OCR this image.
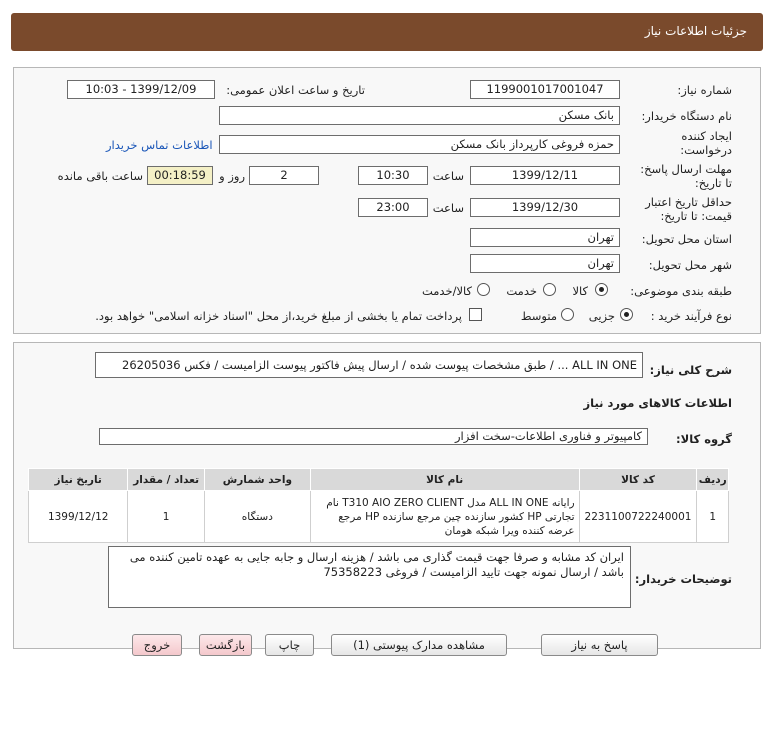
جزئیات اطلاعات نیاز
شماره نیاز:
1199001017001047
تاریخ و ساعت اعلان عمومی:
1399/12/09 - 10:03
نام دستگاه خریدار:
بانک مسکن
ایجاد کننده
درخواست:
حمزه فروغی کارپرداز بانک مسکن
اطلاعات تماس خریدار
مهلت ارسال پاسخ:
تا تاریخ:
1399/12/11
ساعت
10:30
2
روز و
00:18:59
ساعت باقی مانده
حداقل تاریخ اعتبار
قیمت: تا تاریخ:
1399/12/30
ساعت
23:00
استان محل تحویل:
تهران
شهر محل تحویل:
تهران
طبقه بندی موضوعی:
کالا
خدمت
کالا/خدمت
نوع فرآیند خرید :
جزیی
متوسط
پرداخت تمام یا بخشی از مبلغ خرید،از محل "اسناد خزانه اسلامی" خواهد بود.
شرح کلی نیاز:
ALL IN ONE ... / طبق مشخصات پیوست شده / ارسال پیش فاکتور پیوست الزامیست / فکس 26205036
اطلاعات کالاهای مورد نیاز
گروه کالا:
کامپیوتر و فناوری اطلاعات-سخت افزار
تاریخ نیاز	تعداد / مقدار	واحد شمارش	نام کالا	کد کالا	ردیف
1399/12/12	1	دستگاه	رایانه ALL IN ONE مدل T310 AIO ZERO CLIENT نام تجارتی HP کشور سازنده چین مرجع سازنده HP مرجع عرضه کننده ویرا شبکه هومان	2231100722240001	1
توضیحات خریدار:
ایران کد مشابه و صرفا جهت قیمت گذاری می باشد / هزینه ارسال و جابه جایی به عهده تامین کننده می باشد / ارسال نمونه جهت تایید الزامیست / فروغی 75358223
پاسخ به نیاز
مشاهده مدارک پیوستی (1)
چاپ
بازگشت
خروج
